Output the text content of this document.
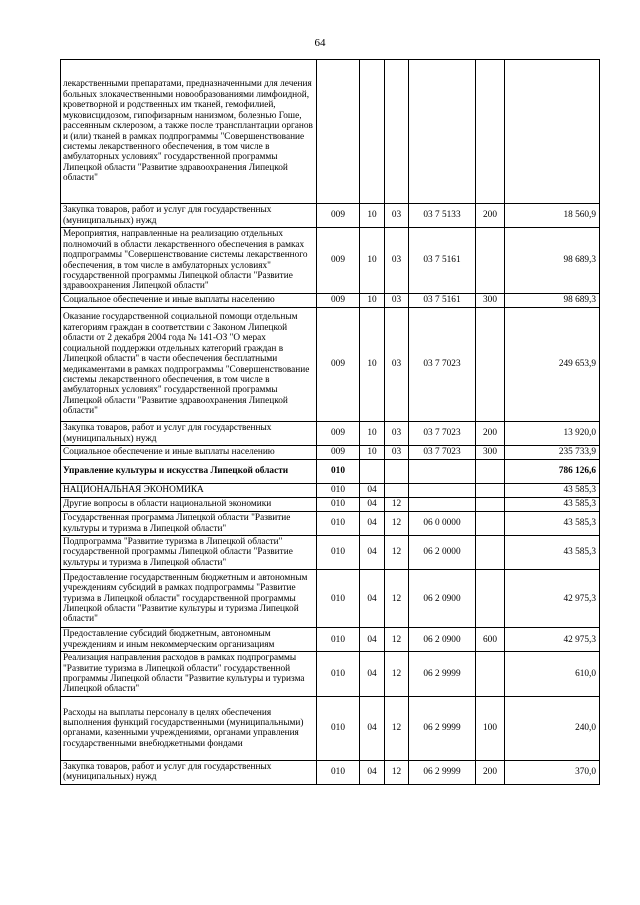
64
лекарственными препаратами, предназначенными для лечения больных злокачественными новообразованиями лимфоидной, кроветворной и родственных им тканей, гемофилией, муковисцидозом, гипофизарным нанизмом, болезнью Гоше, рассеянным склерозом, а также после трансплантации органов и (или) тканей в рамках подпрограммы "Совершенствование системы лекарственного обеспечения, в том числе в амбулаторных условиях" государственной программы Липецкой области "Развитие здравоохранения Липецкой области"						
Закупка товаров, работ и услуг для государственных (муниципальных) нужд	009	10	03	03 7 5133	200	18 560,9
Мероприятия, направленные на реализацию отдельных полномочий в области лекарственного обеспечения в рамках подпрограммы "Совершенствование системы лекарственного обеспечения, в том числе в амбулаторных условиях" государственной программы Липецкой области "Развитие здравоохранения Липецкой области"	009	10	03	03 7 5161		98 689,3
Социальное обеспечение и иные выплаты населению	009	10	03	03 7 5161	300	98 689,3
Оказание государственной социальной помощи отдельным категориям граждан в соответствии с Законом Липецкой области от 2 декабря 2004 года № 141-ОЗ "О мерах социальной поддержки отдельных категорий граждан в Липецкой области" в части обеспечения бесплатными медикаментами в рамках подпрограммы "Совершенствование системы лекарственного обеспечения, в том числе в амбулаторных условиях" государственной программы Липецкой области "Развитие здравоохранения Липецкой области"	009	10	03	03 7 7023		249 653,9
Закупка товаров, работ и услуг для государственных (муниципальных) нужд	009	10	03	03 7 7023	200	13 920,0
Социальное обеспечение и иные выплаты населению	009	10	03	03 7 7023	300	235 733,9
Управление культуры и искусства Липецкой области	010					786 126,6
НАЦИОНАЛЬНАЯ ЭКОНОМИКА	010	04				43 585,3
Другие вопросы в области национальной экономики	010	04	12			43 585,3
Государственная программа Липецкой области "Развитие культуры и туризма в Липецкой области"	010	04	12	06 0 0000		43 585,3
Подпрограмма "Развитие туризма в Липецкой области" государственной программы Липецкой области "Развитие культуры и туризма в Липецкой области"	010	04	12	06 2 0000		43 585,3
Предоставление государственным бюджетным и автономным учреждениям субсидий в рамках подпрограммы "Развитие туризма в Липецкой области" государственной программы Липецкой области "Развитие культуры и туризма Липецкой области"	010	04	12	06 2 0900		42 975,3
Предоставление субсидий бюджетным, автономным учреждениям и иным некоммерческим организациям	010	04	12	06 2 0900	600	42 975,3
Реализация направления расходов в рамках подпрограммы "Развитие туризма в Липецкой области" государственной программы Липецкой области "Развитие культуры и туризма Липецкой области"	010	04	12	06 2 9999		610,0
Расходы на выплаты персоналу в целях обеспечения выполнения функций государственными (муниципальными) органами, казенными учреждениями, органами управления государственными внебюджетными фондами	010	04	12	06 2 9999	100	240,0
Закупка товаров, работ и услуг для государственных (муниципальных) нужд	010	04	12	06 2 9999	200	370,0
